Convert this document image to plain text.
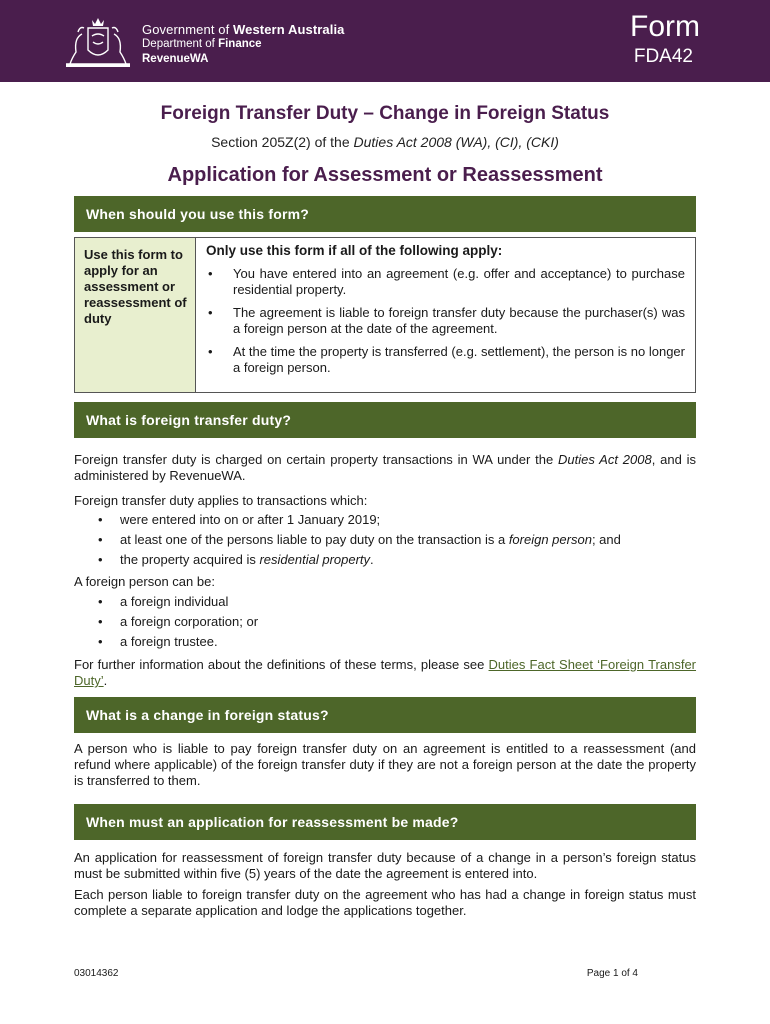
Government of Western Australia
Department of Finance
RevenueWA
Form
FDA42
Foreign Transfer Duty – Change in Foreign Status
Section 205Z(2) of the Duties Act 2008 (WA), (CI), (CKI)
Application for Assessment or Reassessment
When should you use this form?
Use this form to apply for an assessment or reassessment of duty
Only use this form if all of the following apply:
• You have entered into an agreement (e.g. offer and acceptance) to purchase residential property.
• The agreement is liable to foreign transfer duty because the purchaser(s) was a foreign person at the date of the agreement.
• At the time the property is transferred (e.g. settlement), the person is no longer a foreign person.
What is foreign transfer duty?
Foreign transfer duty is charged on certain property transactions in WA under the Duties Act 2008, and is administered by RevenueWA.
Foreign transfer duty applies to transactions which:
• were entered into on or after 1 January 2019;
• at least one of the persons liable to pay duty on the transaction is a foreign person; and
• the property acquired is residential property.
A foreign person can be:
• a foreign individual
• a foreign corporation; or
• a foreign trustee.
For further information about the definitions of these terms, please see Duties Fact Sheet ‘Foreign Transfer Duty’.
What is a change in foreign status?
A person who is liable to pay foreign transfer duty on an agreement is entitled to a reassessment (and refund where applicable) of the foreign transfer duty if they are not a foreign person at the date the property is transferred to them.
When must an application for reassessment be made?
An application for reassessment of foreign transfer duty because of a change in a person’s foreign status must be submitted within five (5) years of the date the agreement is entered into.
Each person liable to foreign transfer duty on the agreement who has had a change in foreign status must complete a separate application and lodge the applications together.
03014362	Page 1 of 4
